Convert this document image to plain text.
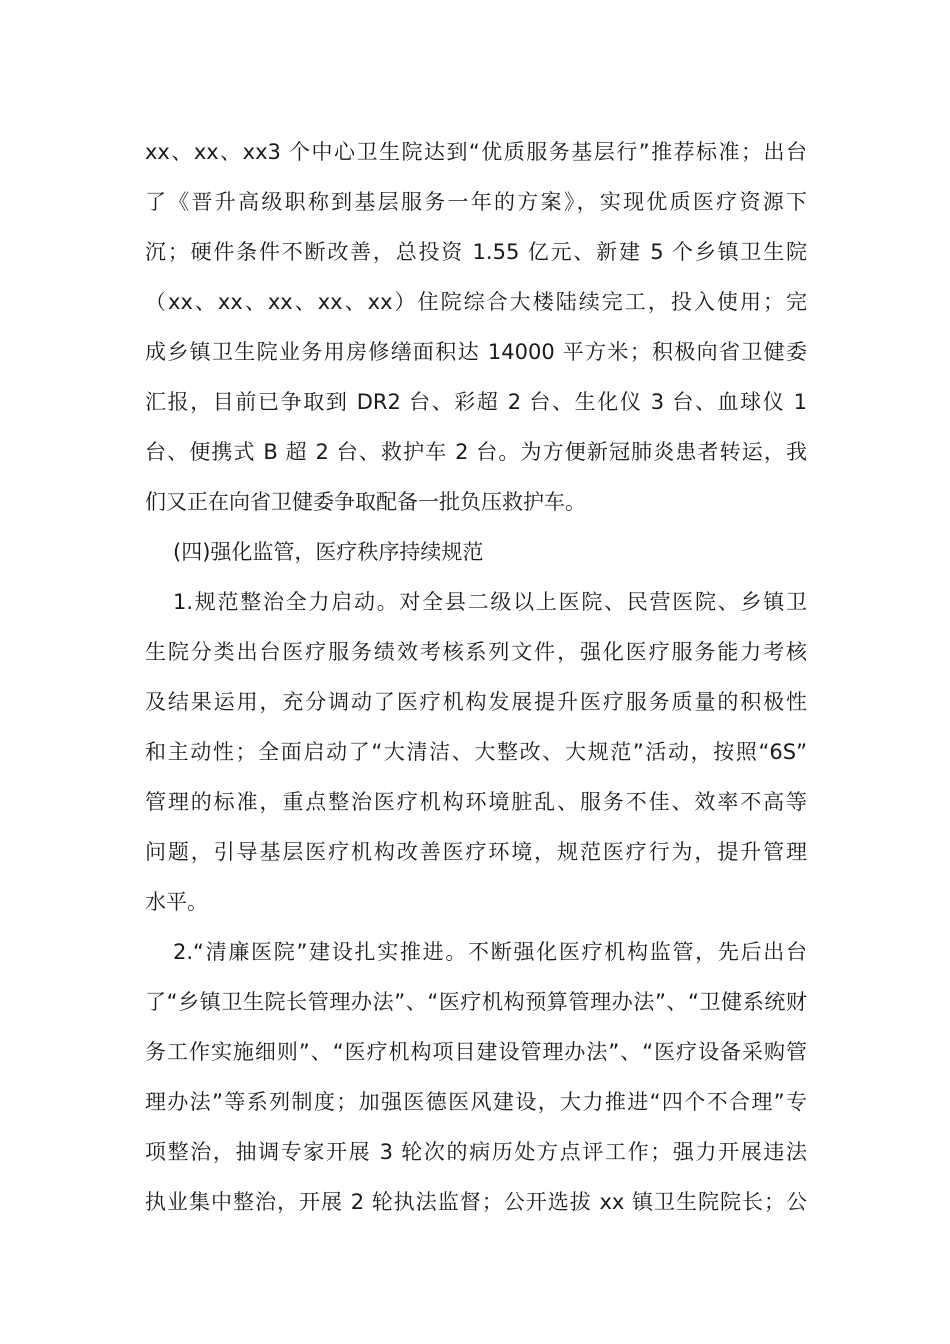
xx、xx、xx3 个中心卫生院达到“优质服务基层行”推荐标准；出台
了《晋升高级职称到基层服务一年的方案》，实现优质医疗资源下
沉；硬件条件不断改善，总投资 1.55 亿元、新建 5 个乡镇卫生院
（xx、xx、xx、xx、xx）住院综合大楼陆续完工，投入使用；完
成乡镇卫生院业务用房修缮面积达 14000 平方米；积极向省卫健委
汇报，目前已争取到 DR2 台、彩超 2 台、生化仪 3 台、血球仪 1
台、便携式 B 超 2 台、救护车 2 台。为方便新冠肺炎患者转运，我
们又正在向省卫健委争取配备一批负压救护车。
(四)强化监管，医疗秩序持续规范
1.规范整治全力启动。对全县二级以上医院、民营医院、乡镇卫
生院分类出台医疗服务绩效考核系列文件，强化医疗服务能力考核
及结果运用，充分调动了医疗机构发展提升医疗服务质量的积极性
和主动性；全面启动了“大清洁、大整改、大规范”活动，按照“6S”
管理的标准，重点整治医疗机构环境脏乱、服务不佳、效率不高等
问题，引导基层医疗机构改善医疗环境，规范医疗行为，提升管理
水平。
2.“清廉医院”建设扎实推进。不断强化医疗机构监管，先后出台
了“乡镇卫生院长管理办法”、“医疗机构预算管理办法”、“卫健系统财
务工作实施细则”、“医疗机构项目建设管理办法”、“医疗设备采购管
理办法”等系列制度；加强医德医风建设，大力推进“四个不合理”专
项整治，抽调专家开展 3 轮次的病历处方点评工作；强力开展违法
执业集中整治，开展 2 轮执法监督；公开选拔 xx 镇卫生院院长；公
